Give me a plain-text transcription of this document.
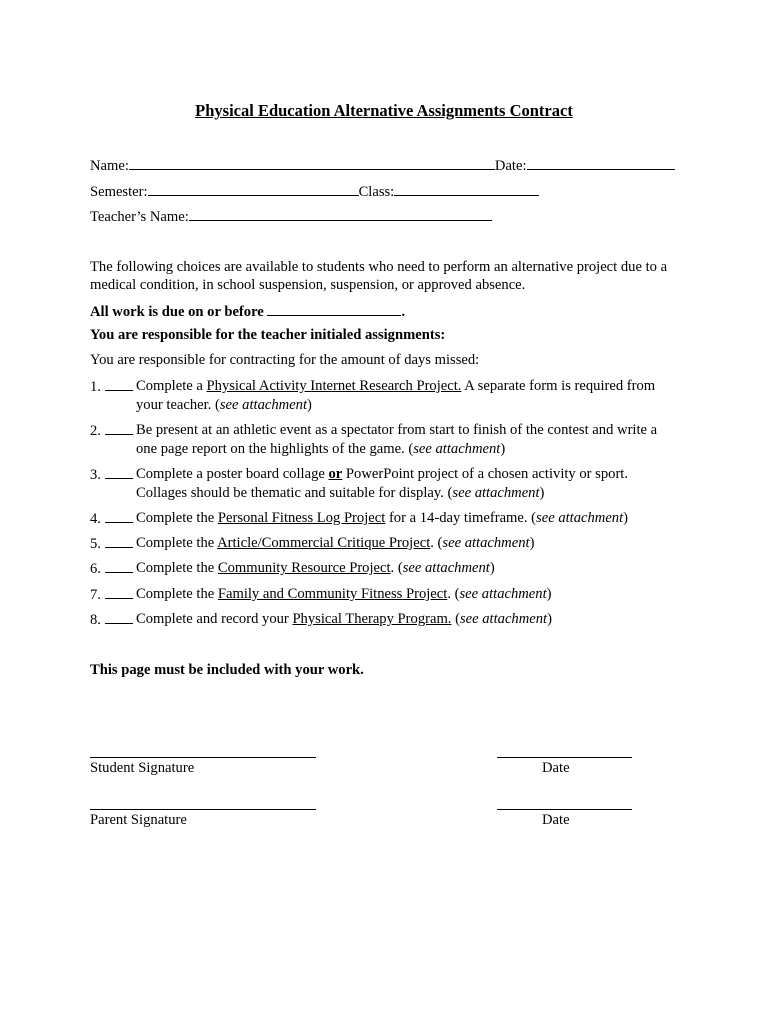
Physical Education Alternative Assignments Contract
Name:	Date:
Semester:	Class:
Teacher’s Name:
The following choices are available to students who need to perform an alternative project due to a medical condition, in school suspension, suspension, or approved absence.
All work is due on or before	.
You are responsible for the teacher initialed assignments:
You are responsible for contracting for the amount of days missed:
1.	Complete a Physical Activity Internet Research Project. A separate form is required from your teacher. (see attachment)
2.	Be present at an athletic event as a spectator from start to finish of the contest and write a one page report on the highlights of the game. (see attachment)
3.	Complete a poster board collage or PowerPoint project of a chosen activity or sport. Collages should be thematic and suitable for display. (see attachment)
4.	Complete the Personal Fitness Log Project for a 14-day timeframe. (see attachment)
5.	Complete the Article/Commercial Critique Project. (see attachment)
6.	Complete the Community Resource Project. (see attachment)
7.	Complete the Family and Community Fitness Project. (see attachment)
8.	Complete and record your Physical Therapy Program. (see attachment)
This page must be included with your work.
Student Signature	Date
Parent Signature	Date
